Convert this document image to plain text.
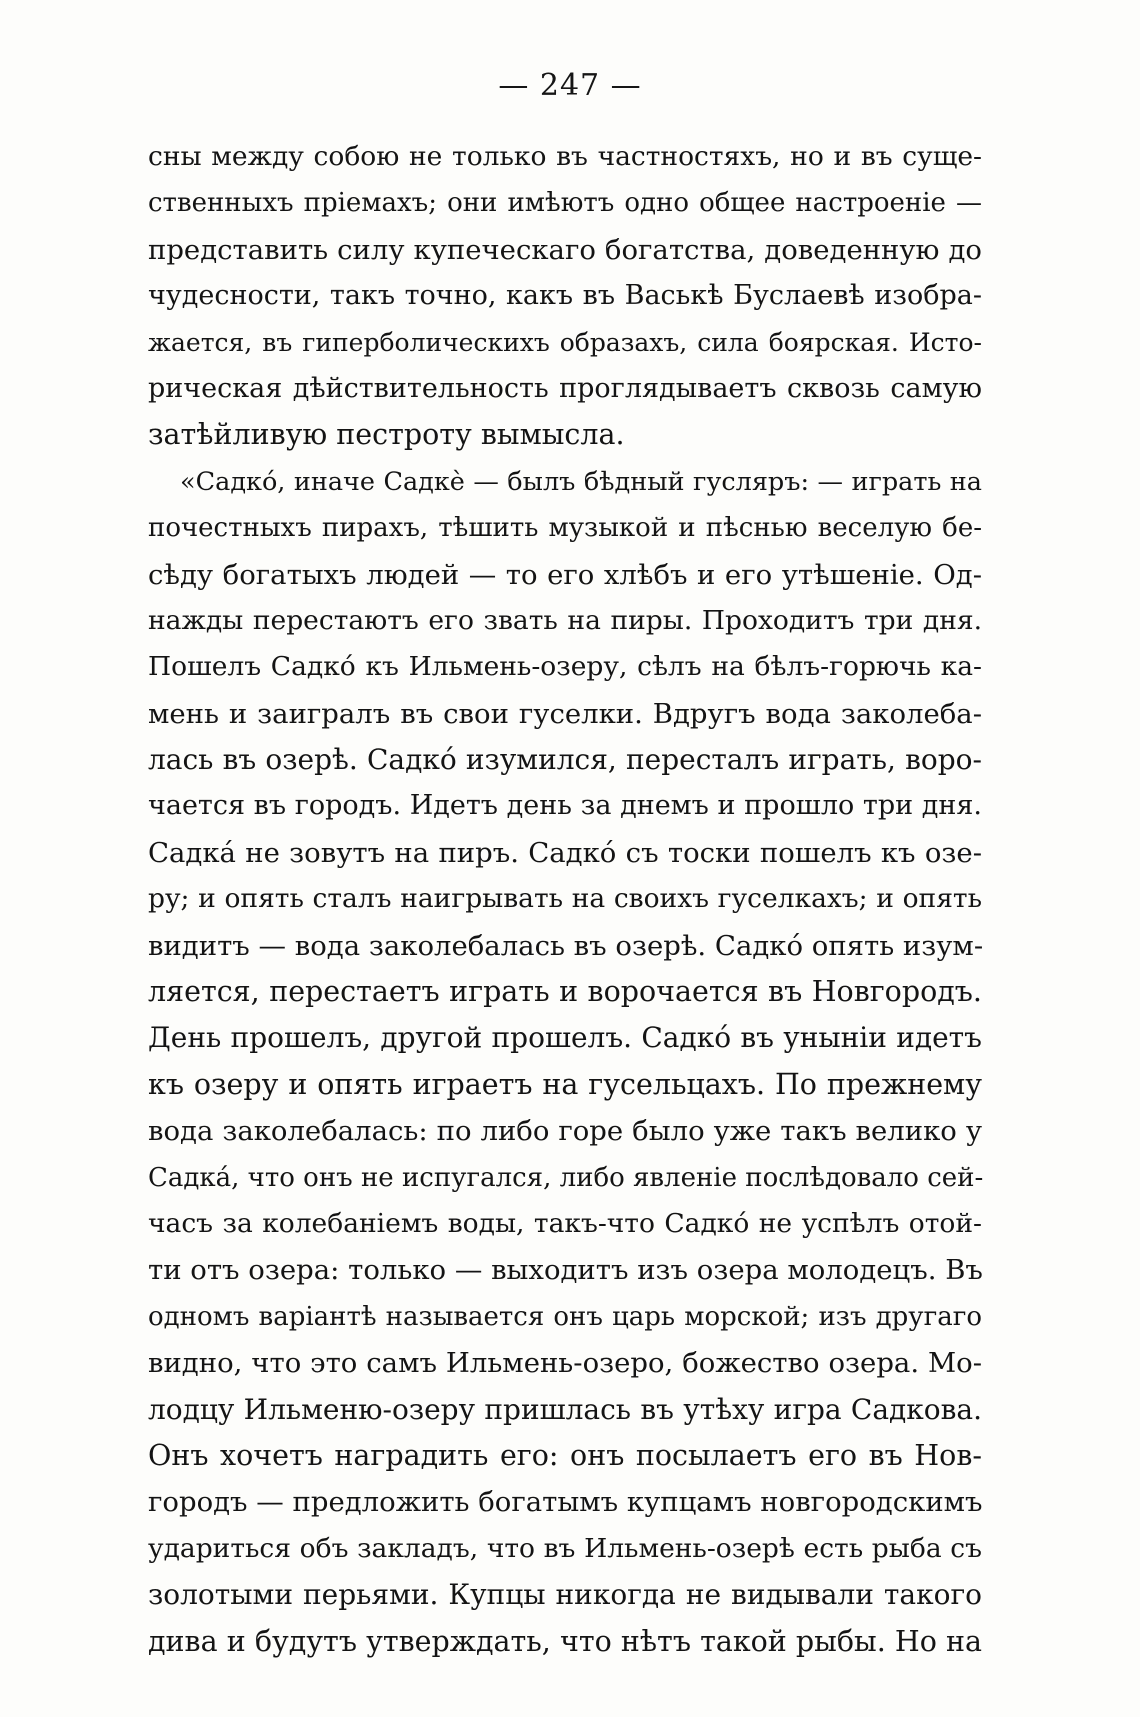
— 247 —
сны между собою не только въ частностяхъ, но и въ суще-
ственныхъ пріемахъ; они имѣютъ одно общее настроеніе —
представить силу купеческаго богатства, доведенную до
чудесности, такъ точно, какъ въ Васькѣ Буслаевѣ изобра-
жается, въ гиперболическихъ образахъ, сила боярская. Исто-
рическая дѣйствительность проглядываетъ сквозь самую
затѣйливую пестроту вымысла.
«Садко́, иначе Садкѐ — былъ бѣдный гусляръ: — играть на
почестныхъ пирахъ, тѣшить музыкой и пѣснью веселую бе-
сѣду богатыхъ людей — то его хлѣбъ и его утѣшеніе. Од-
нажды перестаютъ его звать на пиры. Проходитъ три дня.
Пошелъ Садко́ къ Ильмень-озеру, сѣлъ на бѣлъ-горючь ка-
мень и заигралъ въ свои гуселки. Вдругъ вода заколеба-
лась въ озерѣ. Садко́ изумился, пересталъ играть, воро-
чается въ городъ. Идетъ день за днемъ и прошло три дня.
Садка́ не зовутъ на пиръ. Садко́ съ тоски пошелъ къ озе-
ру; и опять сталъ наигрывать на своихъ гуселкахъ; и опять
видитъ — вода заколебалась въ озерѣ. Садко́ опять изум-
ляется, перестаетъ играть и ворочается въ Новгородъ.
День прошелъ, другой прошелъ. Садко́ въ уныніи идетъ
къ озеру и опять играетъ на гусельцахъ. По прежнему
вода заколебалась: по либо горе было уже такъ велико у
Садка́, что онъ не испугался, либо явленіе послѣдовало сей-
часъ за колебаніемъ воды, такъ-что Садко́ не успѣлъ отой-
ти отъ озера: только — выходитъ изъ озера молодецъ. Въ
одномъ варіантѣ называется онъ царь морской; изъ другаго
видно, что это самъ Ильмень-озеро, божество озера. Мо-
лодцу Ильменю-озеру пришлась въ утѣху игра Садкова.
Онъ хочетъ наградить его: онъ посылаетъ его въ Нов-
городъ — предложить богатымъ купцамъ новгородскимъ
удариться объ закладъ, что въ Ильмень-озерѣ есть рыба съ
золотыми перьями. Купцы никогда не видывали такого
дива и будутъ утверждать, что нѣтъ такой рыбы. Но на
